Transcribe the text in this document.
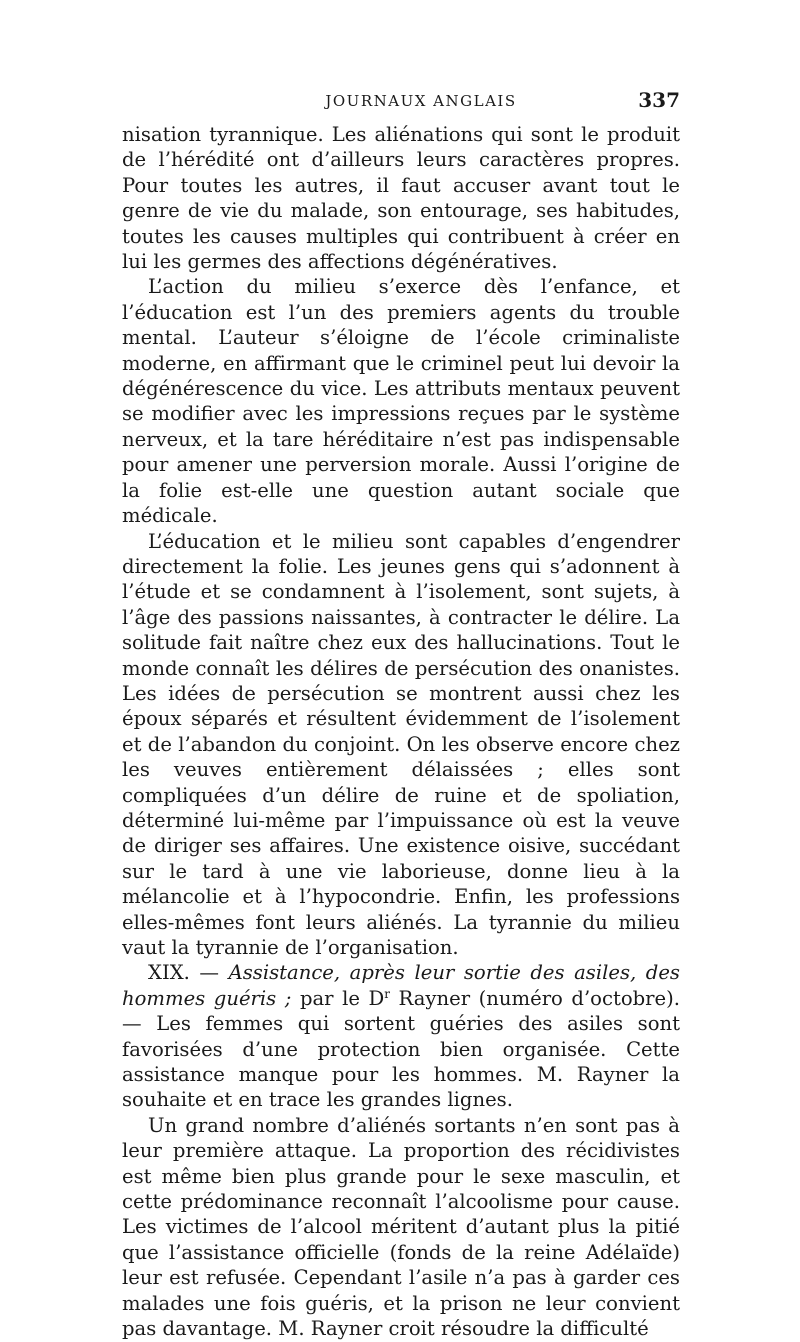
JOURNAUX ANGLAIS	337

nisation tyrannique. Les aliénations qui sont le produit de l’hérédité ont d’ailleurs leurs caractères propres. Pour toutes les autres, il faut accuser avant tout le genre de vie du malade, son entourage, ses habitudes, toutes les causes multiples qui contribuent à créer en lui les germes des affections dégénératives.

L’action du milieu s’exerce dès l’enfance, et l’éducation est l’un des premiers agents du trouble mental. L’auteur s’éloigne de l’école criminaliste moderne, en affirmant que le criminel peut lui devoir la dégénérescence du vice. Les attributs mentaux peuvent se modifier avec les impressions reçues par le système nerveux, et la tare héréditaire n’est pas indispensable pour amener une perversion morale. Aussi l’origine de la folie est-elle une question autant sociale que médicale.

L’éducation et le milieu sont capables d’engendrer directement la folie. Les jeunes gens qui s’adonnent à l’étude et se condamnent à l’isolement, sont sujets, à l’âge des passions naissantes, à contracter le délire. La solitude fait naître chez eux des hallucinations. Tout le monde connaît les délires de persécution des onanistes. Les idées de persécution se montrent aussi chez les époux séparés et résultent évidemment de l’isolement et de l’abandon du conjoint. On les observe encore chez les veuves entièrement délaissées ; elles sont compliquées d’un délire de ruine et de spoliation, déterminé lui-même par l’impuissance où est la veuve de diriger ses affaires. Une existence oisive, succédant sur le tard à une vie laborieuse, donne lieu à la mélancolie et à l’hypocondrie. Enfin, les professions elles-mêmes font leurs aliénés. La tyrannie du milieu vaut la tyrannie de l’organisation.

XIX. — Assistance, après leur sortie des asiles, des hommes guéris ; par le $D^r$ Rayner (numéro d’octobre). — Les femmes qui sortent guéries des asiles sont favorisées d’une protection bien organisée. Cette assistance manque pour les hommes. M. Rayner la souhaite et en trace les grandes lignes.

Un grand nombre d’aliénés sortants n’en sont pas à leur première attaque. La proportion des récidivistes est même bien plus grande pour le sexe masculin, et cette prédominance reconnaît l’alcoolisme pour cause. Les victimes de l’alcool méritent d’autant plus la pitié que l’assistance officielle (fonds de la reine Adélaïde) leur est refusée. Cependant l’asile n’a pas à garder ces malades une fois guéris, et la prison ne leur convient pas davantage. M. Rayner croit résoudre la difficulté
